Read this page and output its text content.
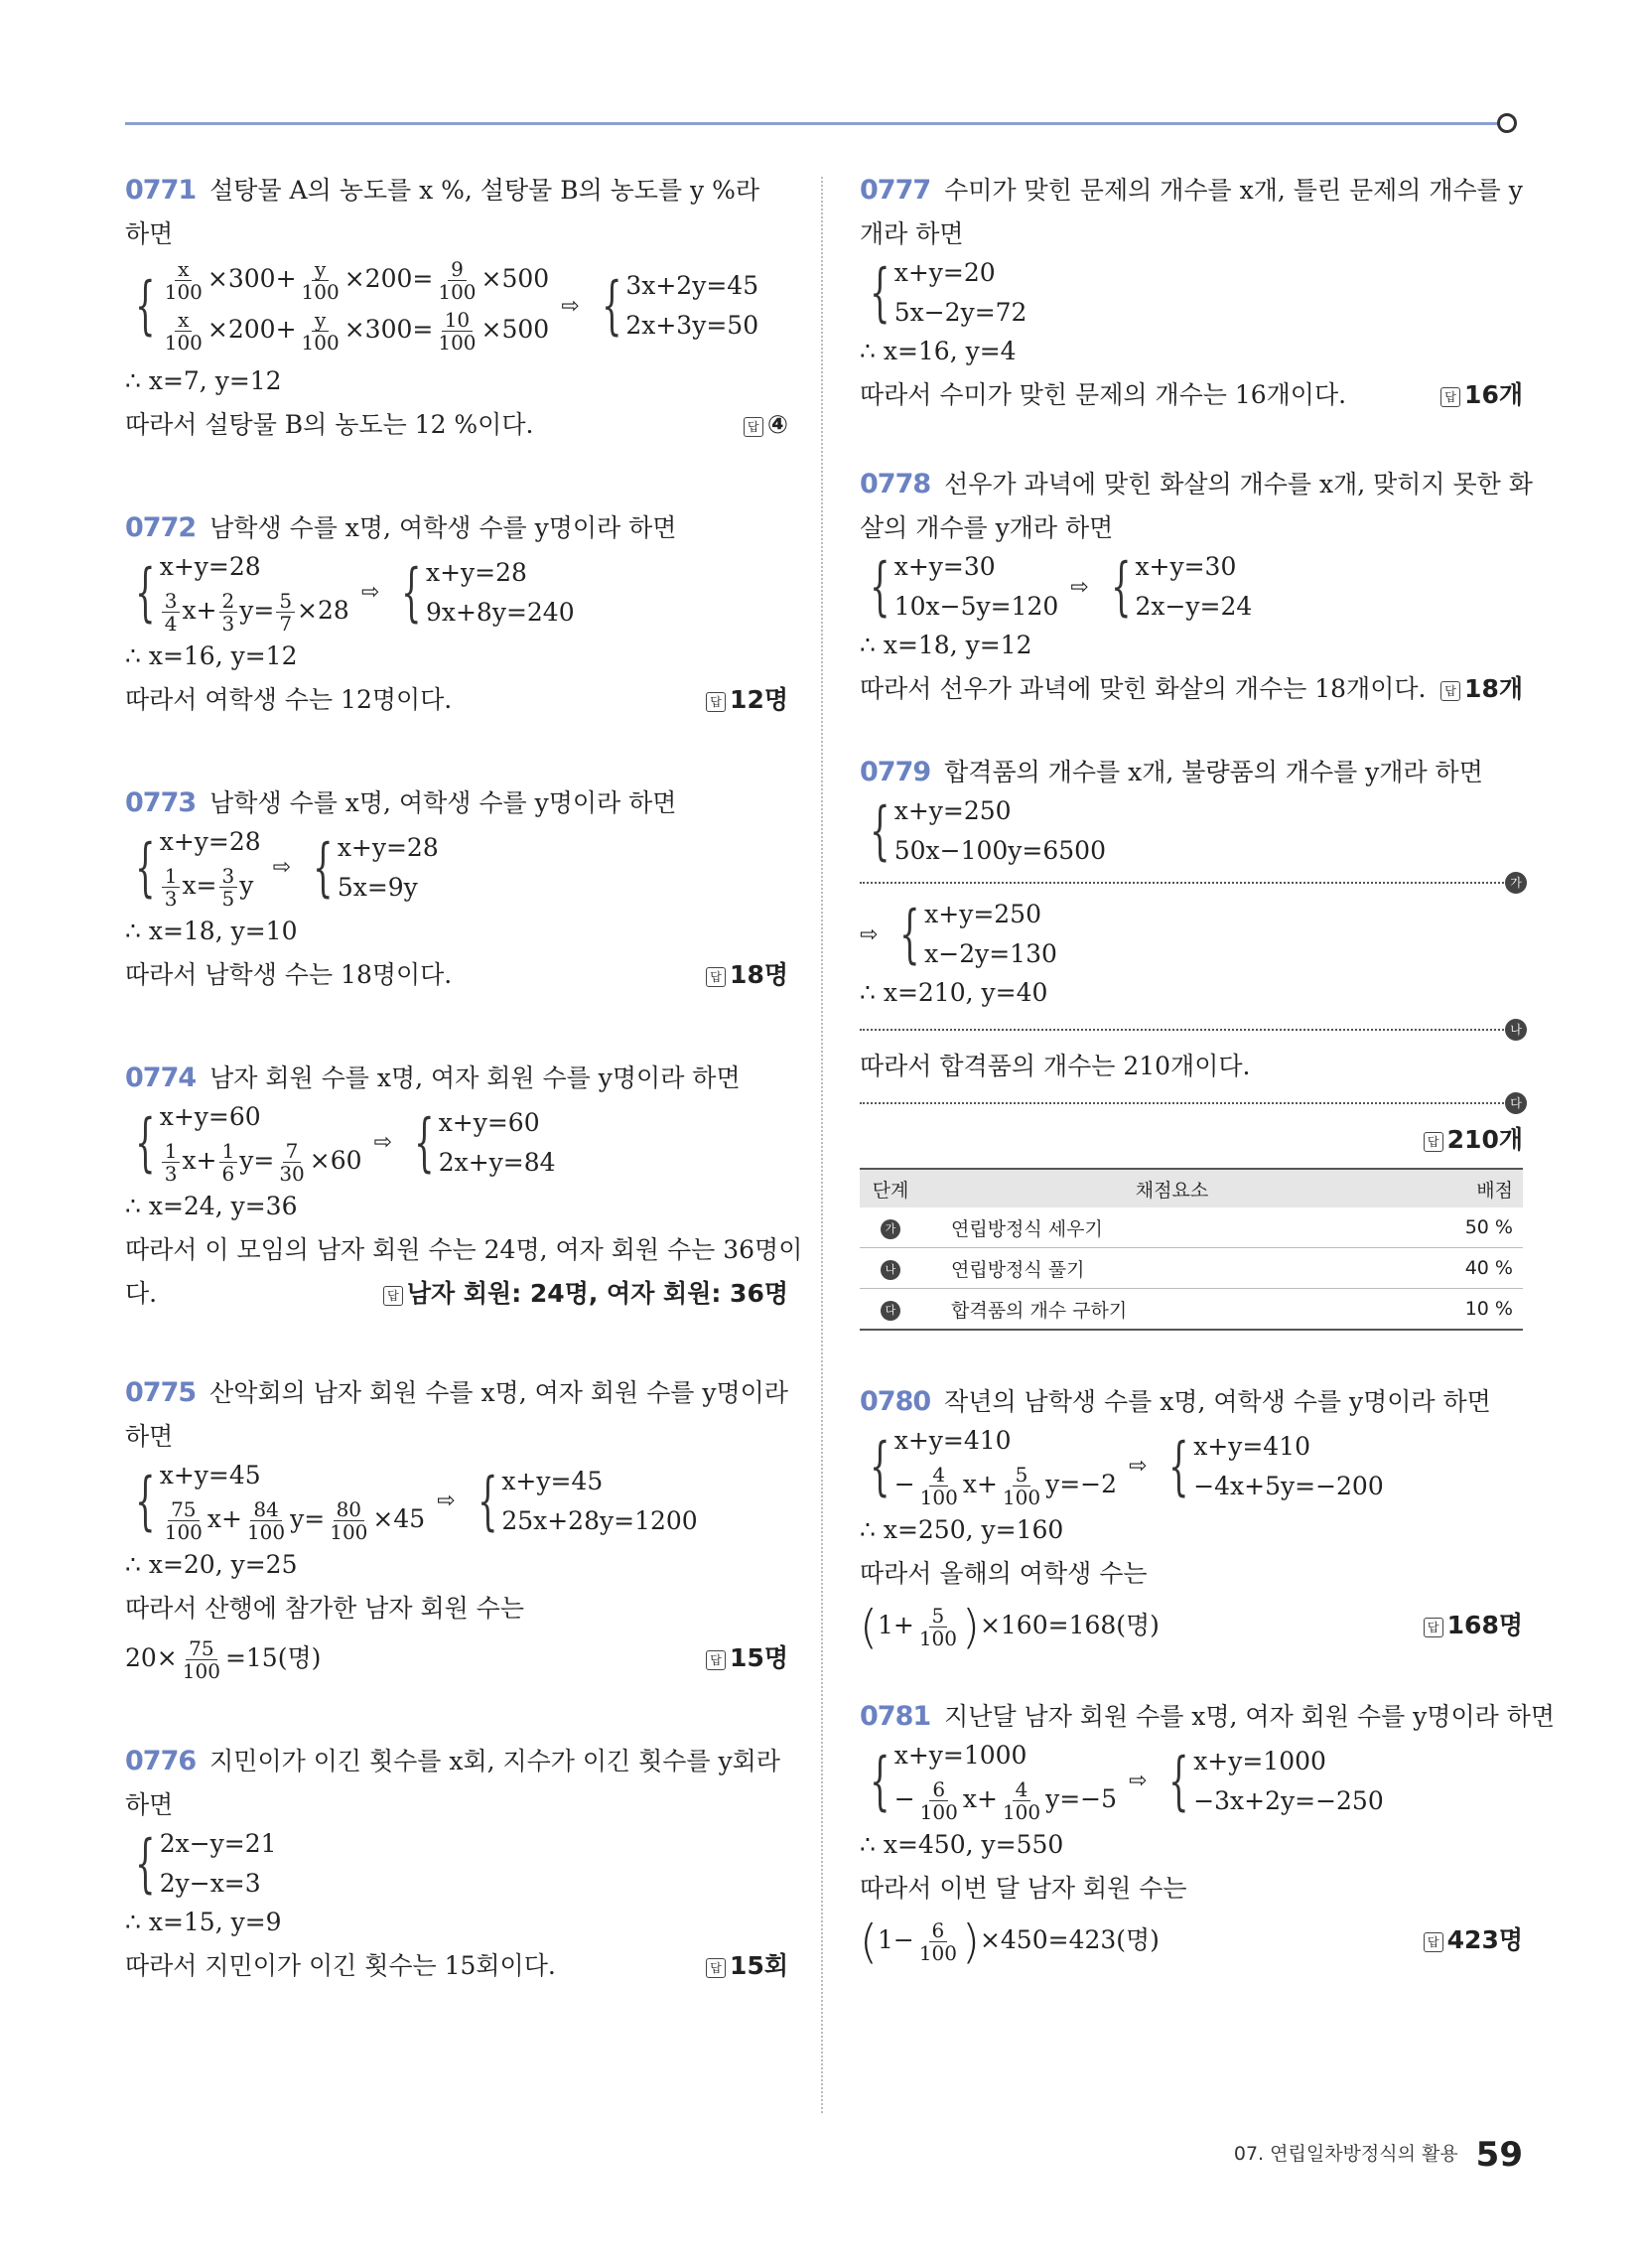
0771 설탕물 A의 농도를 x %, 설탕물 B의 농도를 y %라
하면
{ $\frac{x}{100} \times 300+ \frac{y}{100} \times 200= \frac{9}{100} \times 500$
$\frac{x}{100} \times 200+ \frac{y}{100} \times 300= \frac{10}{100} \times 500$
⇨ { 3x+2y=45
2x+3y=50
∴ x=7, y=12
따라서 설탕물 B의 농도는 12 %이다.	답 ④
0772 남학생 수를 x명, 여학생 수를 y명이라 하면
{ x+y=28
$\frac{3}{4} x+ \frac{2}{3} y= \frac{5}{7} \times 28$
⇨ { x+y=28
9x+8y=240
∴ x=16, y=12
따라서 여학생 수는 12명이다.	답 12명
0773 남학생 수를 x명, 여학생 수를 y명이라 하면
{ x+y=28
$\frac{1}{3} x= \frac{3}{5}$ y
⇨ { x+y=28
5x=9y
∴ x=18, y=10
따라서 남학생 수는 18명이다.	답 18명
0774 남자 회원 수를 x명, 여자 회원 수를 y명이라 하면
{ x+y=60
$\frac{1}{3} x+ \frac{1}{6} y= \frac{7}{30} \times 60$
⇨ { x+y=60
2x+y=84
∴ x=24, y=36
따라서 이 모임의 남자 회원 수는 24명, 여자 회원 수는 36명이
다.	답 남자 회원: 24명, 여자 회원: 36명
0775 산악회의 남자 회원 수를 x명, 여자 회원 수를 y명이라
하면
{ x+y=45
$\frac{75}{100} x+ \frac{84}{100} y= \frac{80}{100} \times 45$
⇨ { x+y=45
25x+28y=1200
∴ x=20, y=25
따라서 산행에 참가한 남자 회원 수는
$20\times \frac{75}{100} =15$(명)	답 15명
0776 지민이가 이긴 횟수를 x회, 지수가 이긴 횟수를 y회라
하면
{ 2x−y=21
2y−x=3
∴ x=15, y=9
따라서 지민이가 이긴 횟수는 15회이다.	답 15회
0777 수미가 맞힌 문제의 개수를 x개, 틀린 문제의 개수를 y
개라 하면
{ x+y=20
5x−2y=72
∴ x=16, y=4
따라서 수미가 맞힌 문제의 개수는 16개이다.	답 16개
0778 선우가 과녁에 맞힌 화살의 개수를 x개, 맞히지 못한 화
살의 개수를 y개라 하면
{ x+y=30
10x−5y=120
⇨ { x+y=30
2x−y=24
∴ x=18, y=12
따라서 선우가 과녁에 맞힌 화살의 개수는 18개이다.	답 18개
0779 합격품의 개수를 x개, 불량품의 개수를 y개라 하면
{ x+y=250
50x−100y=6500
가
⇨ { x+y=250
x−2y=130
∴ x=210, y=40
나
따라서 합격품의 개수는 210개이다.
다
답 210개
단계	채점요소	배점
가	연립방정식 세우기	50 %
나	연립방정식 풀기	40 %
다	합격품의 개수 구하기	10 %
0780 작년의 남학생 수를 x명, 여학생 수를 y명이라 하면
{ x+y=410
− $\frac{4}{100} x+ \frac{5}{100} y=-2$
⇨ { x+y=410
−4x+5y=−200
∴ x=250, y=160
따라서 올해의 여학생 수는
$(1+ \frac{5}{100} )\times 160=168$(명)	답 168명
0781 지난달 남자 회원 수를 x명, 여자 회원 수를 y명이라 하면
{ x+y=1000
− $\frac{6}{100} x+ \frac{4}{100} y=-5$
⇨ { x+y=1000
−3x+2y=−250
∴ x=450, y=550
따라서 이번 달 남자 회원 수는
$(1- \frac{6}{100} )\times 450=423$(명)	답 423명
$^{07. 연립일차방정식의 활용}$ 59
